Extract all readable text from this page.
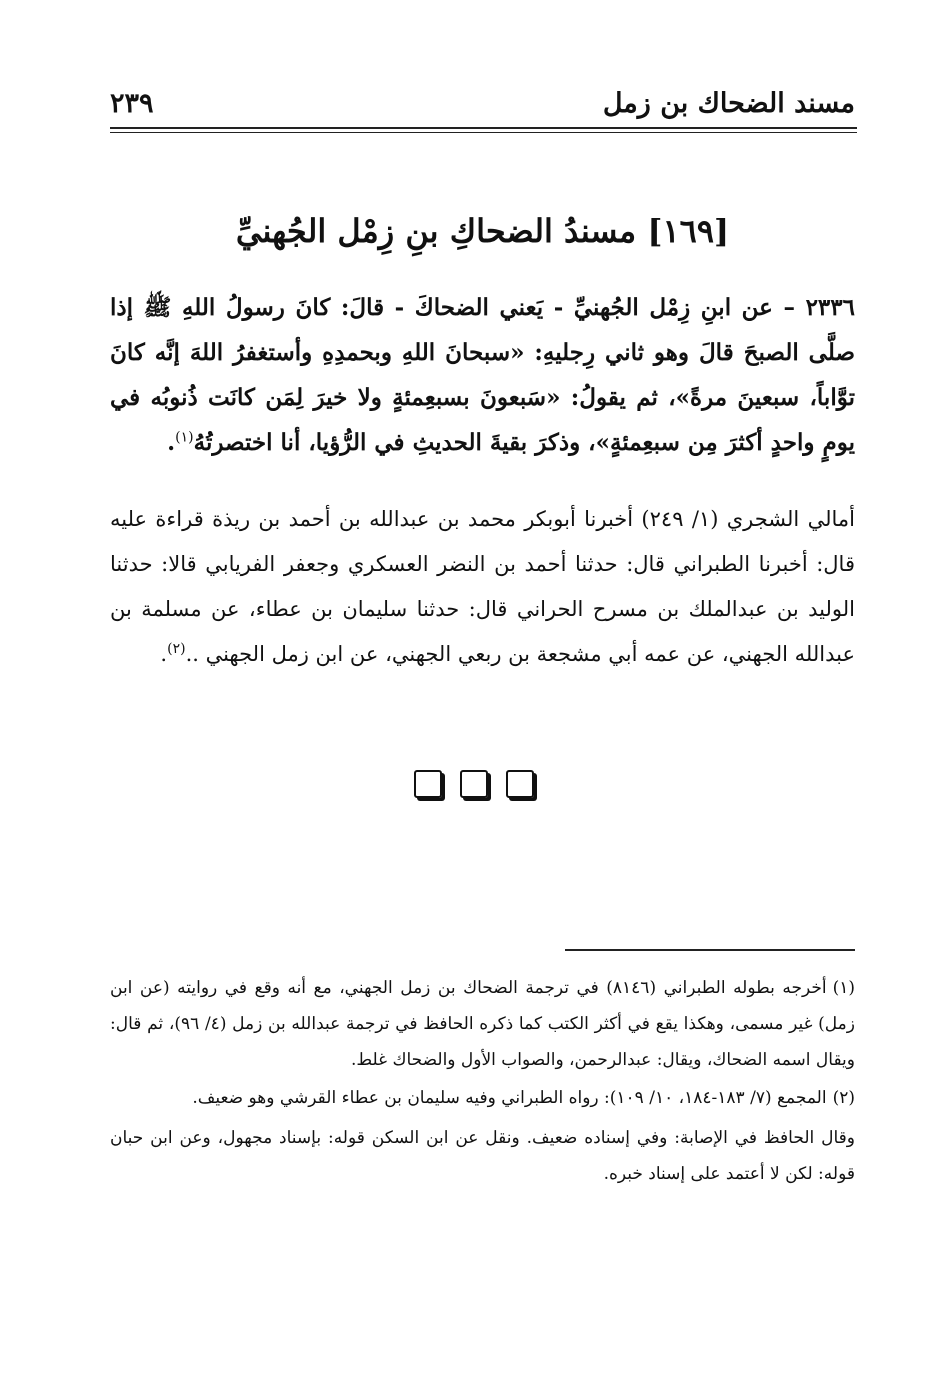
مسند الضحاك بن زمل
٢٣٩
[١٦٩] مسندُ الضحاكِ بنِ زِمْل الجُهنيِّ
٢٣٣٦ – عن ابنِ زِمْل الجُهنيِّ - يَعني الضحاكَ - قالَ: كانَ رسولُ اللهِ ﷺ إذا صلَّى الصبحَ قالَ وهو ثاني رِجليهِ: «سبحانَ اللهِ وبحمدِهِ وأستغفرُ اللهَ إنَّه كانَ توَّاباً، سبعينَ مرةً»، ثم يقولُ: «سَبعونَ بسبعِمئةٍ ولا خيرَ لِمَن كانَت ذُنوبُه في يومٍ واحدٍ أكثرَ مِن سبعِمئةٍ»، وذكرَ بقيةَ الحديثِ في الرُّؤيا، أنا اختصرتُهُ$^{(١)}$.
أمالي الشجري (١/ ٢٤٩) أخبرنا أبوبكر محمد بن عبدالله بن أحمد بن ريذة قراءة عليه قال: أخبرنا الطبراني قال: حدثنا أحمد بن النضر العسكري وجعفر الفريابي قالا: حدثنا الوليد بن عبدالملك بن مسرح الحراني قال: حدثنا سليمان بن عطاء، عن مسلمة بن عبدالله الجهني، عن عمه أبي مشجعة بن ربعي الجهني، عن ابن زمل الجهني ..$^{(٢)}$.
(١)أخرجه بطوله الطبراني (٨١٤٦) في ترجمة الضحاك بن زمل الجهني، مع أنه وقع في روايته (عن ابن زمل) غير مسمى، وهكذا يقع في أكثر الكتب كما ذكره الحافظ في ترجمة عبدالله بن زمل (٤/ ٩٦)، ثم قال: ويقال اسمه الضحاك، ويقال: عبدالرحمن، والصواب الأول والضحاك غلط.
(٢)المجمع (٧/ ١٨٣-١٨٤، ١٠/ ١٠٩): رواه الطبراني وفيه سليمان بن عطاء القرشي وهو ضعيف.
وقال الحافظ في الإصابة: وفي إسناده ضعيف. ونقل عن ابن السكن قوله: بإسناد مجهول، وعن ابن حبان قوله: لكن لا أعتمد على إسناد خبره.
